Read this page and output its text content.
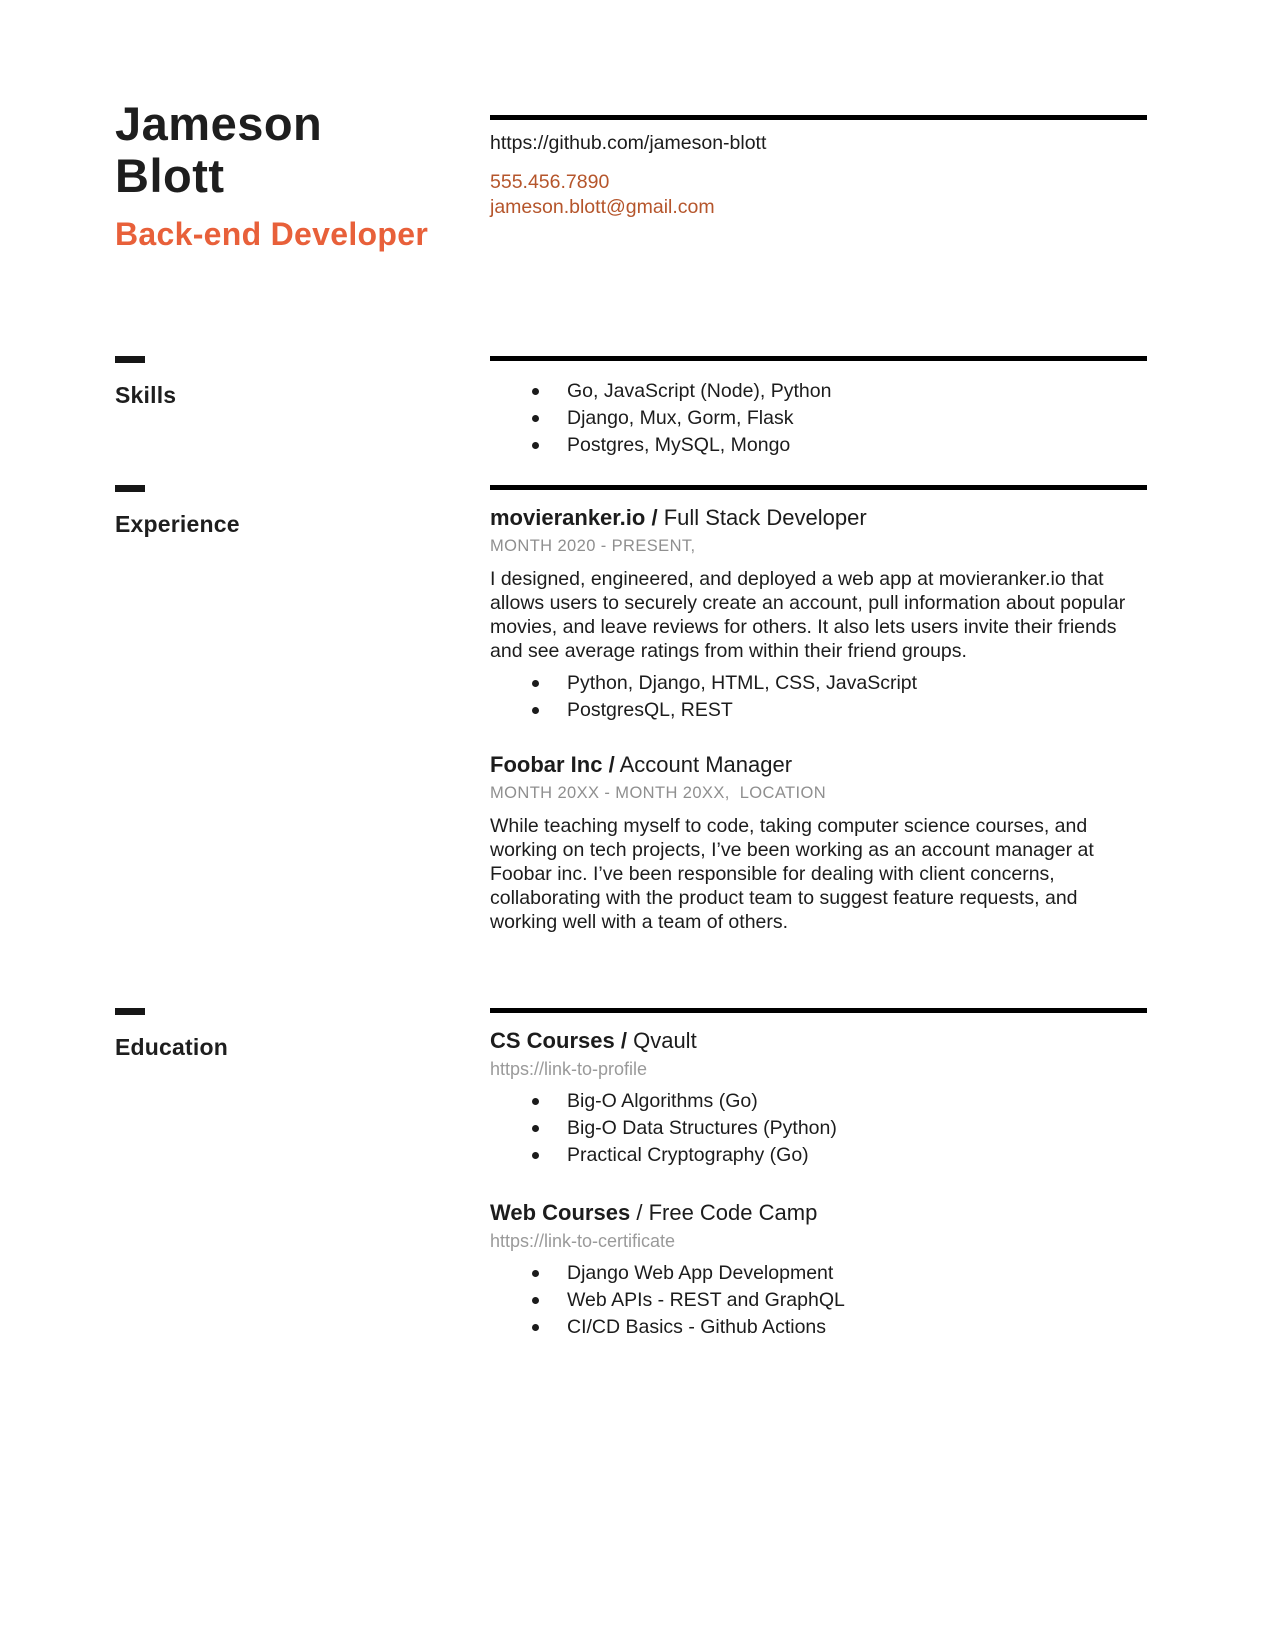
Jameson
Blott
Back-end Developer
https://github.com/jameson-blott
555.456.7890
jameson.blott@gmail.com
Skills	Go, JavaScript (Node), Python
Django, Mux, Gorm, Flask
Postgres, MySQL, Mongo
Experience	movieranker.io / Full Stack Developer
MONTH 2020 - PRESENT,
I designed, engineered, and deployed a web app at movieranker.io that allows users to securely create an account, pull information about popular movies, and leave reviews for others. It also lets users invite their friends and see average ratings from within their friend groups.
Python, Django, HTML, CSS, JavaScript
PostgresQL, REST
Foobar Inc / Account Manager
MONTH 20XX - MONTH 20XX,  LOCATION
While teaching myself to code, taking computer science courses, and working on tech projects, I’ve been working as an account manager at Foobar inc. I’ve been responsible for dealing with client concerns, collaborating with the product team to suggest feature requests, and working well with a team of others.
Education	CS Courses / Qvault
https://link-to-profile
Big-O Algorithms (Go)
Big-O Data Structures (Python)
Practical Cryptography (Go)
Web Courses / Free Code Camp
https://link-to-certificate
Django Web App Development
Web APIs - REST and GraphQL
CI/CD Basics - Github Actions
